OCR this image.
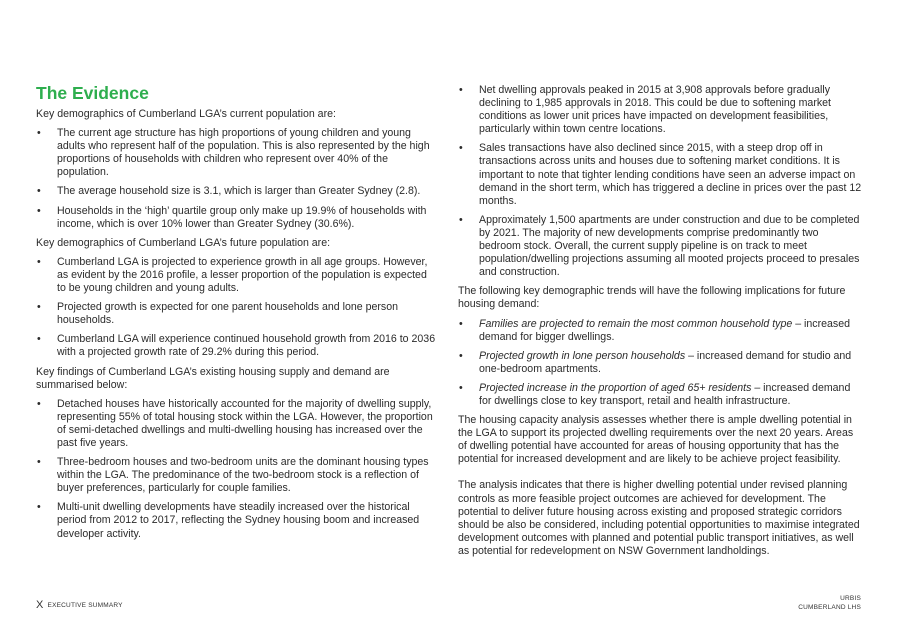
The Evidence

Key demographics of Cumberland LGA’s current population are:

• The current age structure has high proportions of young children and young adults who represent half of the population. This is also represented by the high proportions of households with children who represent over 40% of the population.
• The average household size is 3.1, which is larger than Greater Sydney (2.8).
• Households in the ‘high’ quartile group only make up 19.9% of households with income, which is over 10% lower than Greater Sydney (30.6%).

Key demographics of Cumberland LGA’s future population are:

• Cumberland LGA is projected to experience growth in all age groups. However, as evident by the 2016 profile, a lesser proportion of the population is expected to be young children and young adults.
• Projected growth is expected for one parent households and lone person households.
• Cumberland LGA will experience continued household growth from 2016 to 2036 with a projected growth rate of 29.2% during this period.

Key findings of Cumberland LGA’s existing housing supply and demand are summarised below:

• Detached houses have historically accounted for the majority of dwelling supply, representing 55% of total housing stock within the LGA. However, the proportion of semi-detached dwellings and multi-dwelling housing has increased over the past five years.
• Three-bedroom houses and two-bedroom units are the dominant housing types within the LGA. The predominance of the two-bedroom stock is a reflection of buyer preferences, particularly for couple families.
• Multi-unit dwelling developments have steadily increased over the historical period from 2012 to 2017, reflecting the Sydney housing boom and increased developer activity.
• Net dwelling approvals peaked in 2015 at 3,908 approvals before gradually declining to 1,985 approvals in 2018. This could be due to softening market conditions as lower unit prices have impacted on development feasibilities, particularly within town centre locations.
• Sales transactions have also declined since 2015, with a steep drop off in transactions across units and houses due to softening market conditions. It is important to note that tighter lending conditions have seen an adverse impact on demand in the short term, which has triggered a decline in prices over the past 12 months.
• Approximately 1,500 apartments are under construction and due to be completed by 2021. The majority of new developments comprise predominantly two bedroom stock. Overall, the current supply pipeline is on track to meet population/dwelling projections assuming all mooted projects proceed to presales and construction.

The following key demographic trends will have the following implications for future housing demand:

• Families are projected to remain the most common household type – increased demand for bigger dwellings.
• Projected growth in lone person households – increased demand for studio and one-bedroom apartments.
• Projected increase in the proportion of aged 65+ residents – increased demand for dwellings close to key transport, retail and health infrastructure.

The housing capacity analysis assesses whether there is ample dwelling potential in the LGA to support its projected dwelling requirements over the next 20 years. Areas of dwelling potential have accounted for areas of housing opportunity that has the potential for increased development and are likely to be achieve project feasibility.

The analysis indicates that there is higher dwelling potential under revised planning controls as more feasible project outcomes are achieved for development. The potential to deliver future housing across existing and proposed strategic corridors should be also be considered, including potential opportunities to maximise integrated development outcomes with planned and potential public transport initiatives, as well as potential for redevelopment on NSW Government landholdings.

XEXECUTIVE SUMMARY
URBIS
CUMBERLAND LHS
